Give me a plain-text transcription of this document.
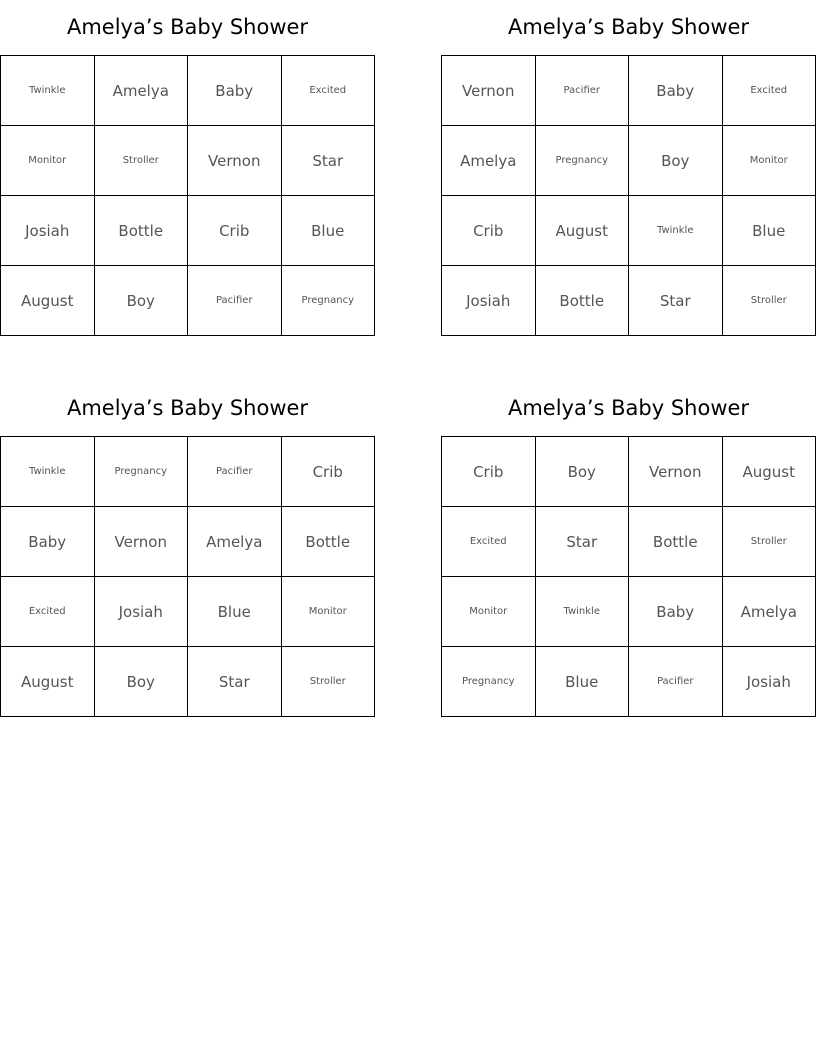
Amelya’s Baby Shower
Twinkle	Amelya	Baby	Excited
Monitor	Stroller	Vernon	Star
Josiah	Bottle	Crib	Blue
August	Boy	Pacifier	Pregnancy
Amelya’s Baby Shower
Vernon	Pacifier	Baby	Excited
Amelya	Pregnancy	Boy	Monitor
Crib	August	Twinkle	Blue
Josiah	Bottle	Star	Stroller
Amelya’s Baby Shower
Twinkle	Pregnancy	Pacifier	Crib
Baby	Vernon	Amelya	Bottle
Excited	Josiah	Blue	Monitor
August	Boy	Star	Stroller
Amelya’s Baby Shower
Crib	Boy	Vernon	August
Excited	Star	Bottle	Stroller
Monitor	Twinkle	Baby	Amelya
Pregnancy	Blue	Pacifier	Josiah
